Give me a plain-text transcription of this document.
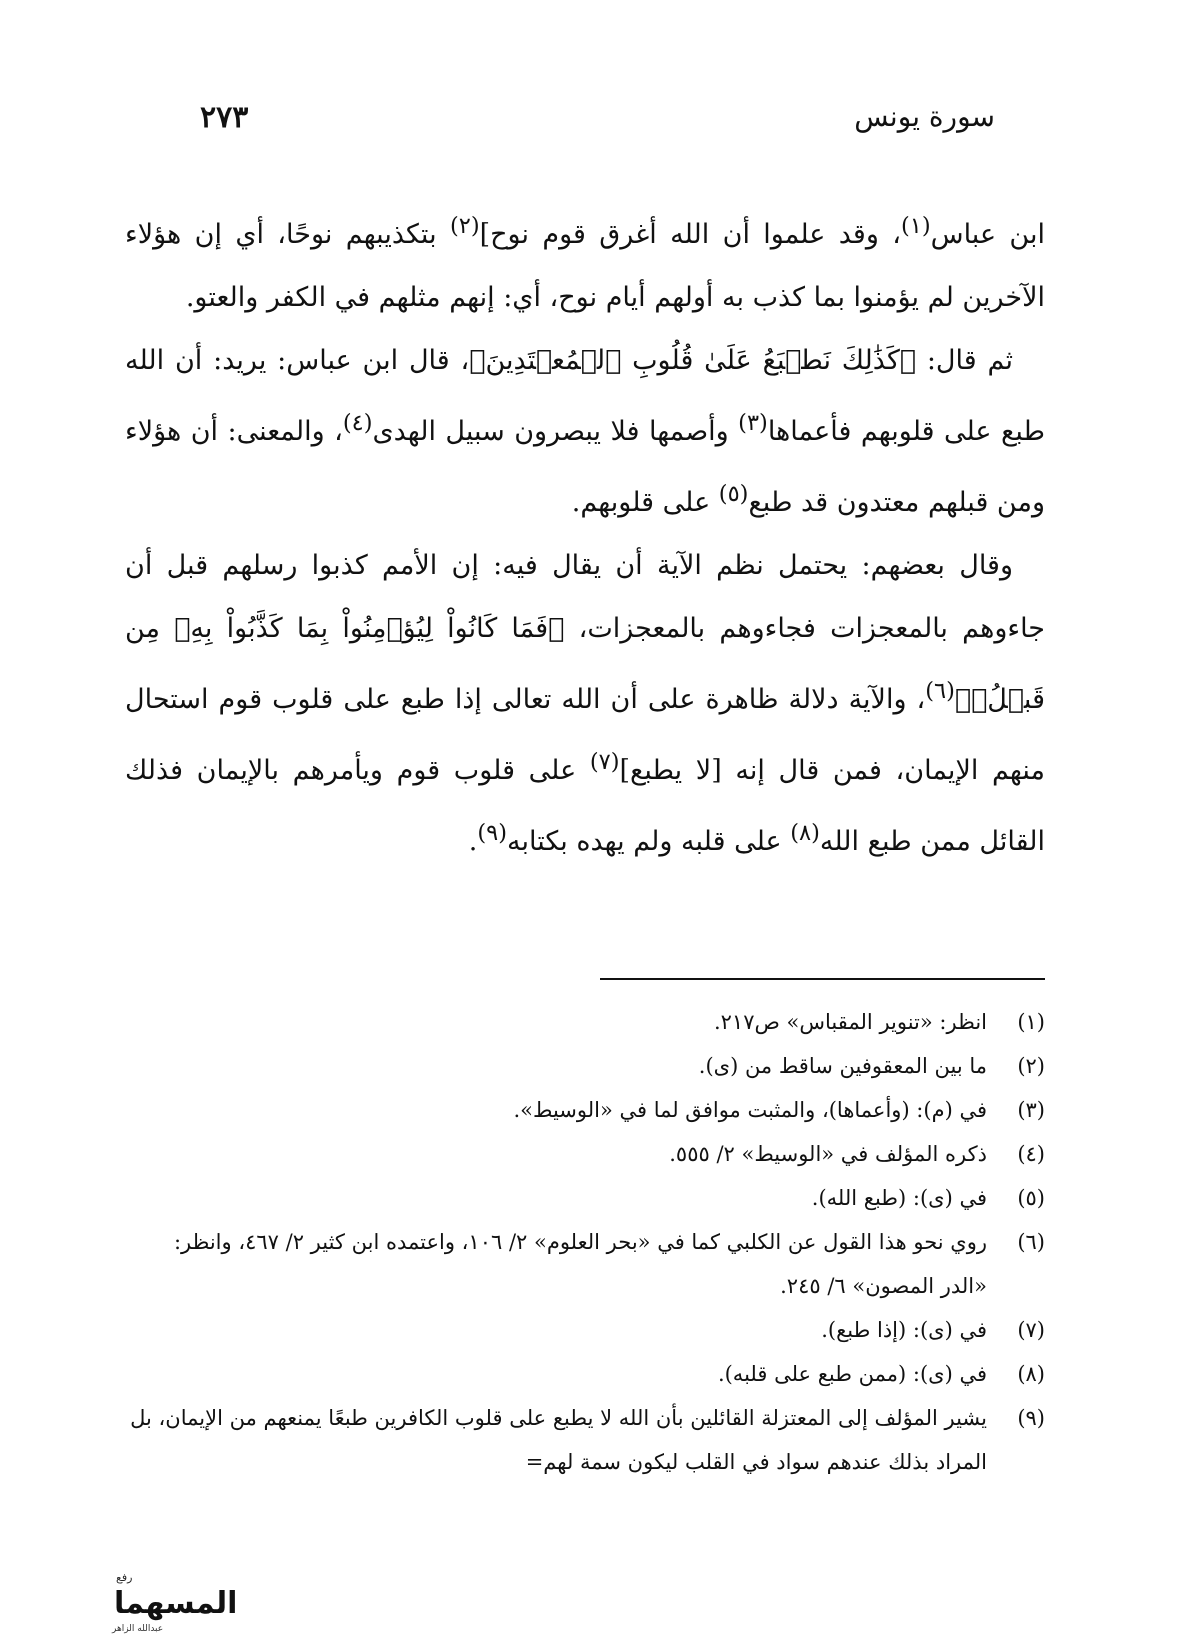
سورة يونس
٢٧٣

ابن عباس$^{(١)}$، وقد علموا أن الله أغرق قوم نوح]$^{(٢)}$ بتكذيبهم نوحًا، أي إن هؤلاء الآخرين لم يؤمنوا بما كذب به أولهم أيام نوح، أي: إنهم مثلهم في الكفر والعتو.

ثم قال: ﴿كَذَٰلِكَ نَطۡبَعُ عَلَىٰ قُلُوبِ ٱلۡمُعۡتَدِينَ﴾، قال ابن عباس: يريد: أن الله طبع على قلوبهم فأعماها$^{(٣)}$ وأصمها فلا يبصرون سبيل الهدى$^{(٤)}$، والمعنى: أن هؤلاء ومن قبلهم معتدون قد طبع$^{(٥)}$ على قلوبهم.

وقال بعضهم: يحتمل نظم الآية أن يقال فيه: إن الأمم كذبوا رسلهم قبل أن جاءوهم بالمعجزات فجاءوهم بالمعجزات، ﴿فَمَا كَانُواْ لِيُؤۡمِنُواْ بِمَا كَذَّبُواْ بِهِۦ مِن قَبۡلُۚ﴾$^{(٦)}$، والآية دلالة ظاهرة على أن الله تعالى إذا طبع على قلوب قوم استحال منهم الإيمان، فمن قال إنه [لا يطبع]$^{(٧)}$ على قلوب قوم ويأمرهم بالإيمان فذلك القائل ممن طبع الله$^{(٨)}$ على قلبه ولم يهده بكتابه$^{(٩)}$.

(١)
انظر: «تنوير المقباس» ص٢١٧.
(٢)
ما بين المعقوفين ساقط من (ى).
(٣)
في (م): (وأعماها)، والمثبت موافق لما في «الوسيط».
(٤)
ذكره المؤلف في «الوسيط» ٢/ ٥٥٥.
(٥)
في (ى): (طبع الله).
(٦)
روي نحو هذا القول عن الكلبي كما في «بحر العلوم» ٢/ ١٠٦، واعتمده ابن كثير ٢/ ٤٦٧، وانظر: «الدر المصون» ٦/ ٢٤٥.
(٧)
في (ى): (إذا طبع).
(٨)
في (ى): (ممن طبع على قلبه).
(٩)
يشير المؤلف إلى المعتزلة القائلين بأن الله لا يطبع على قلوب الكافرين طبعًا يمنعهم من الإيمان، بل المراد بذلك عندهم سواد في القلب ليكون سمة لهم=
رفع
المسهما
عبدالله الزاهر
